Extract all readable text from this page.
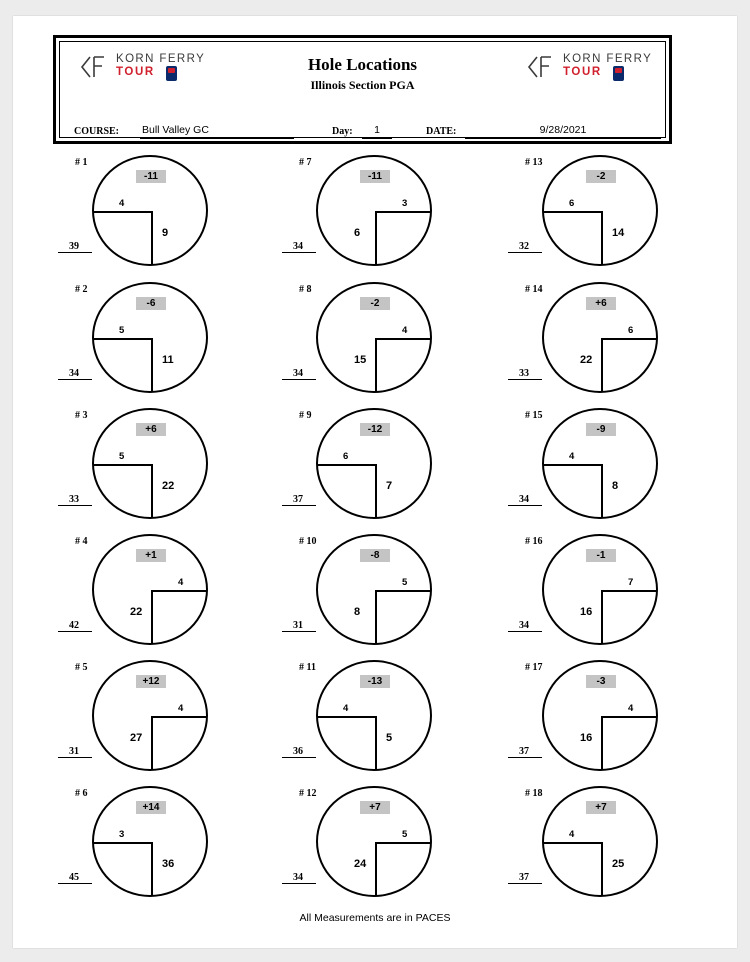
KORN FERRY
TOUR	Hole Locations
Illinois Section PGA
KORN FERRY
TOUR
COURSE: Bull Valley GC	Day:	1	DATE:	9/28/2021
# 1
-11
4
9
39
# 2
-6
5
11
34
# 3
+6
5
22
33
# 4
+1
4
22
42
# 5
+12
4
27
31
# 6
+14
3
36
45
# 7
-11
3
6
34
# 8
-2
4
15
34
# 9
-12
6
7
37
# 10
-8
5
8
31
# 11
-13
4
5
36
# 12
+7
5
24
34
# 13
-2
6
14
32
# 14
+6
6
22
33
# 15
-9
4
8
34
# 16
-1
7
16
34
# 17
-3
4
16
37
# 18
+7
4
25
37
All Measurements are in PACES
